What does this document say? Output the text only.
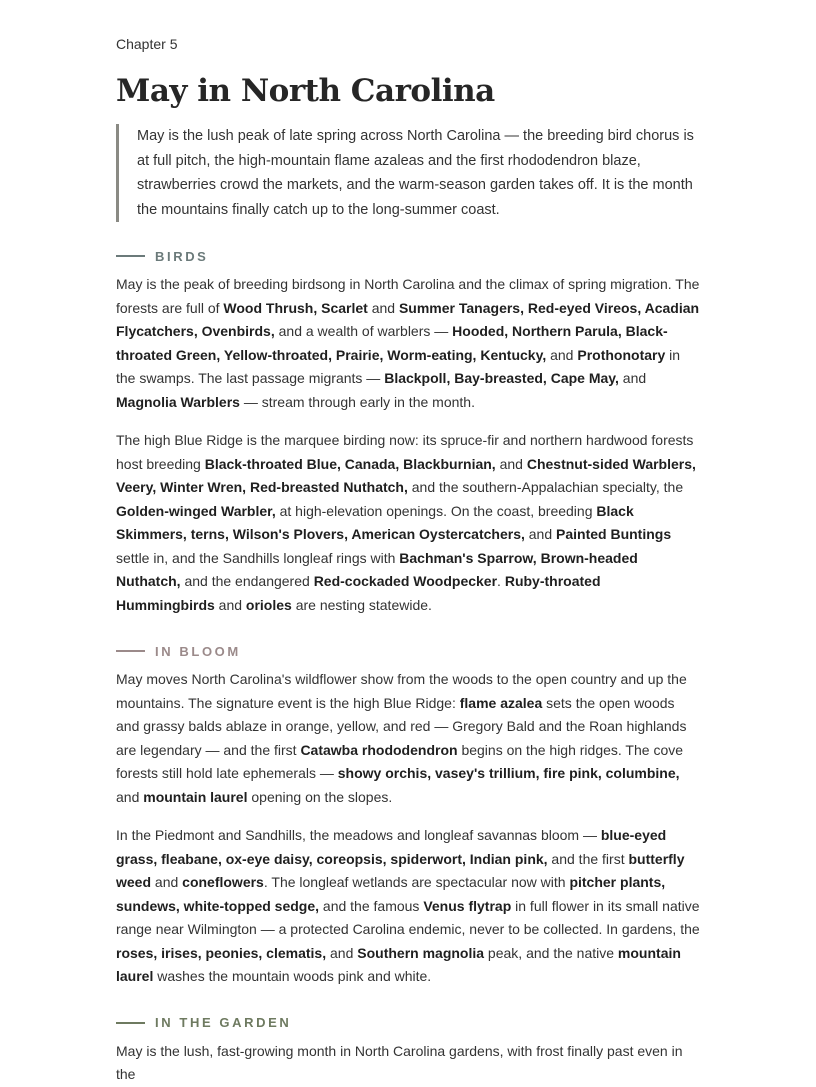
Chapter 5

May in North Carolina
May is the lush peak of late spring across North Carolina — the breeding bird chorus is at full pitch, the high-mountain flame azaleas and the first rhododendron blaze, strawberries crowd the markets, and the warm-season garden takes off. It is the month the mountains finally catch up to the long-summer coast.
BIRDS

May is the peak of breeding birdsong in North Carolina and the climax of spring migration. The forests are full of Wood Thrush, Scarlet and Summer Tanagers, Red-eyed Vireos, Acadian Flycatchers, Ovenbirds, and a wealth of warblers — Hooded, Northern Parula, Black-throated Green, Yellow-throated, Prairie, Worm-eating, Kentucky, and Prothonotary in the swamps. The last passage migrants — Blackpoll, Bay-breasted, Cape May, and Magnolia Warblers — stream through early in the month.

The high Blue Ridge is the marquee birding now: its spruce-fir and northern hardwood forests host breeding Black-throated Blue, Canada, Blackburnian, and Chestnut-sided Warblers, Veery, Winter Wren, Red-breasted Nuthatch, and the southern-Appalachian specialty, the Golden-winged Warbler, at high-elevation openings. On the coast, breeding Black Skimmers, terns, Wilson's Plovers, American Oystercatchers, and Painted Buntings settle in, and the Sandhills longleaf rings with Bachman's Sparrow, Brown-headed Nuthatch, and the endangered Red-cockaded Woodpecker. Ruby-throated Hummingbirds and orioles are nesting statewide.

IN BLOOM

May moves North Carolina's wildflower show from the woods to the open country and up the mountains. The signature event is the high Blue Ridge: flame azalea sets the open woods and grassy balds ablaze in orange, yellow, and red — Gregory Bald and the Roan highlands are legendary — and the first Catawba rhododendron begins on the high ridges. The cove forests still hold late ephemerals — showy orchis, vasey's trillium, fire pink, columbine, and mountain laurel opening on the slopes.

In the Piedmont and Sandhills, the meadows and longleaf savannas bloom — blue-eyed grass, fleabane, ox-eye daisy, coreopsis, spiderwort, Indian pink, and the first butterfly weed and coneflowers. The longleaf wetlands are spectacular now with pitcher plants, sundews, white-topped sedge, and the famous Venus flytrap in full flower in its small native range near Wilmington — a protected Carolina endemic, never to be collected. In gardens, the roses, irises, peonies, clematis, and Southern magnolia peak, and the native mountain laurel washes the mountain woods pink and white.

IN THE GARDEN

May is the lush, fast-growing month in North Carolina gardens, with frost finally past even in the
